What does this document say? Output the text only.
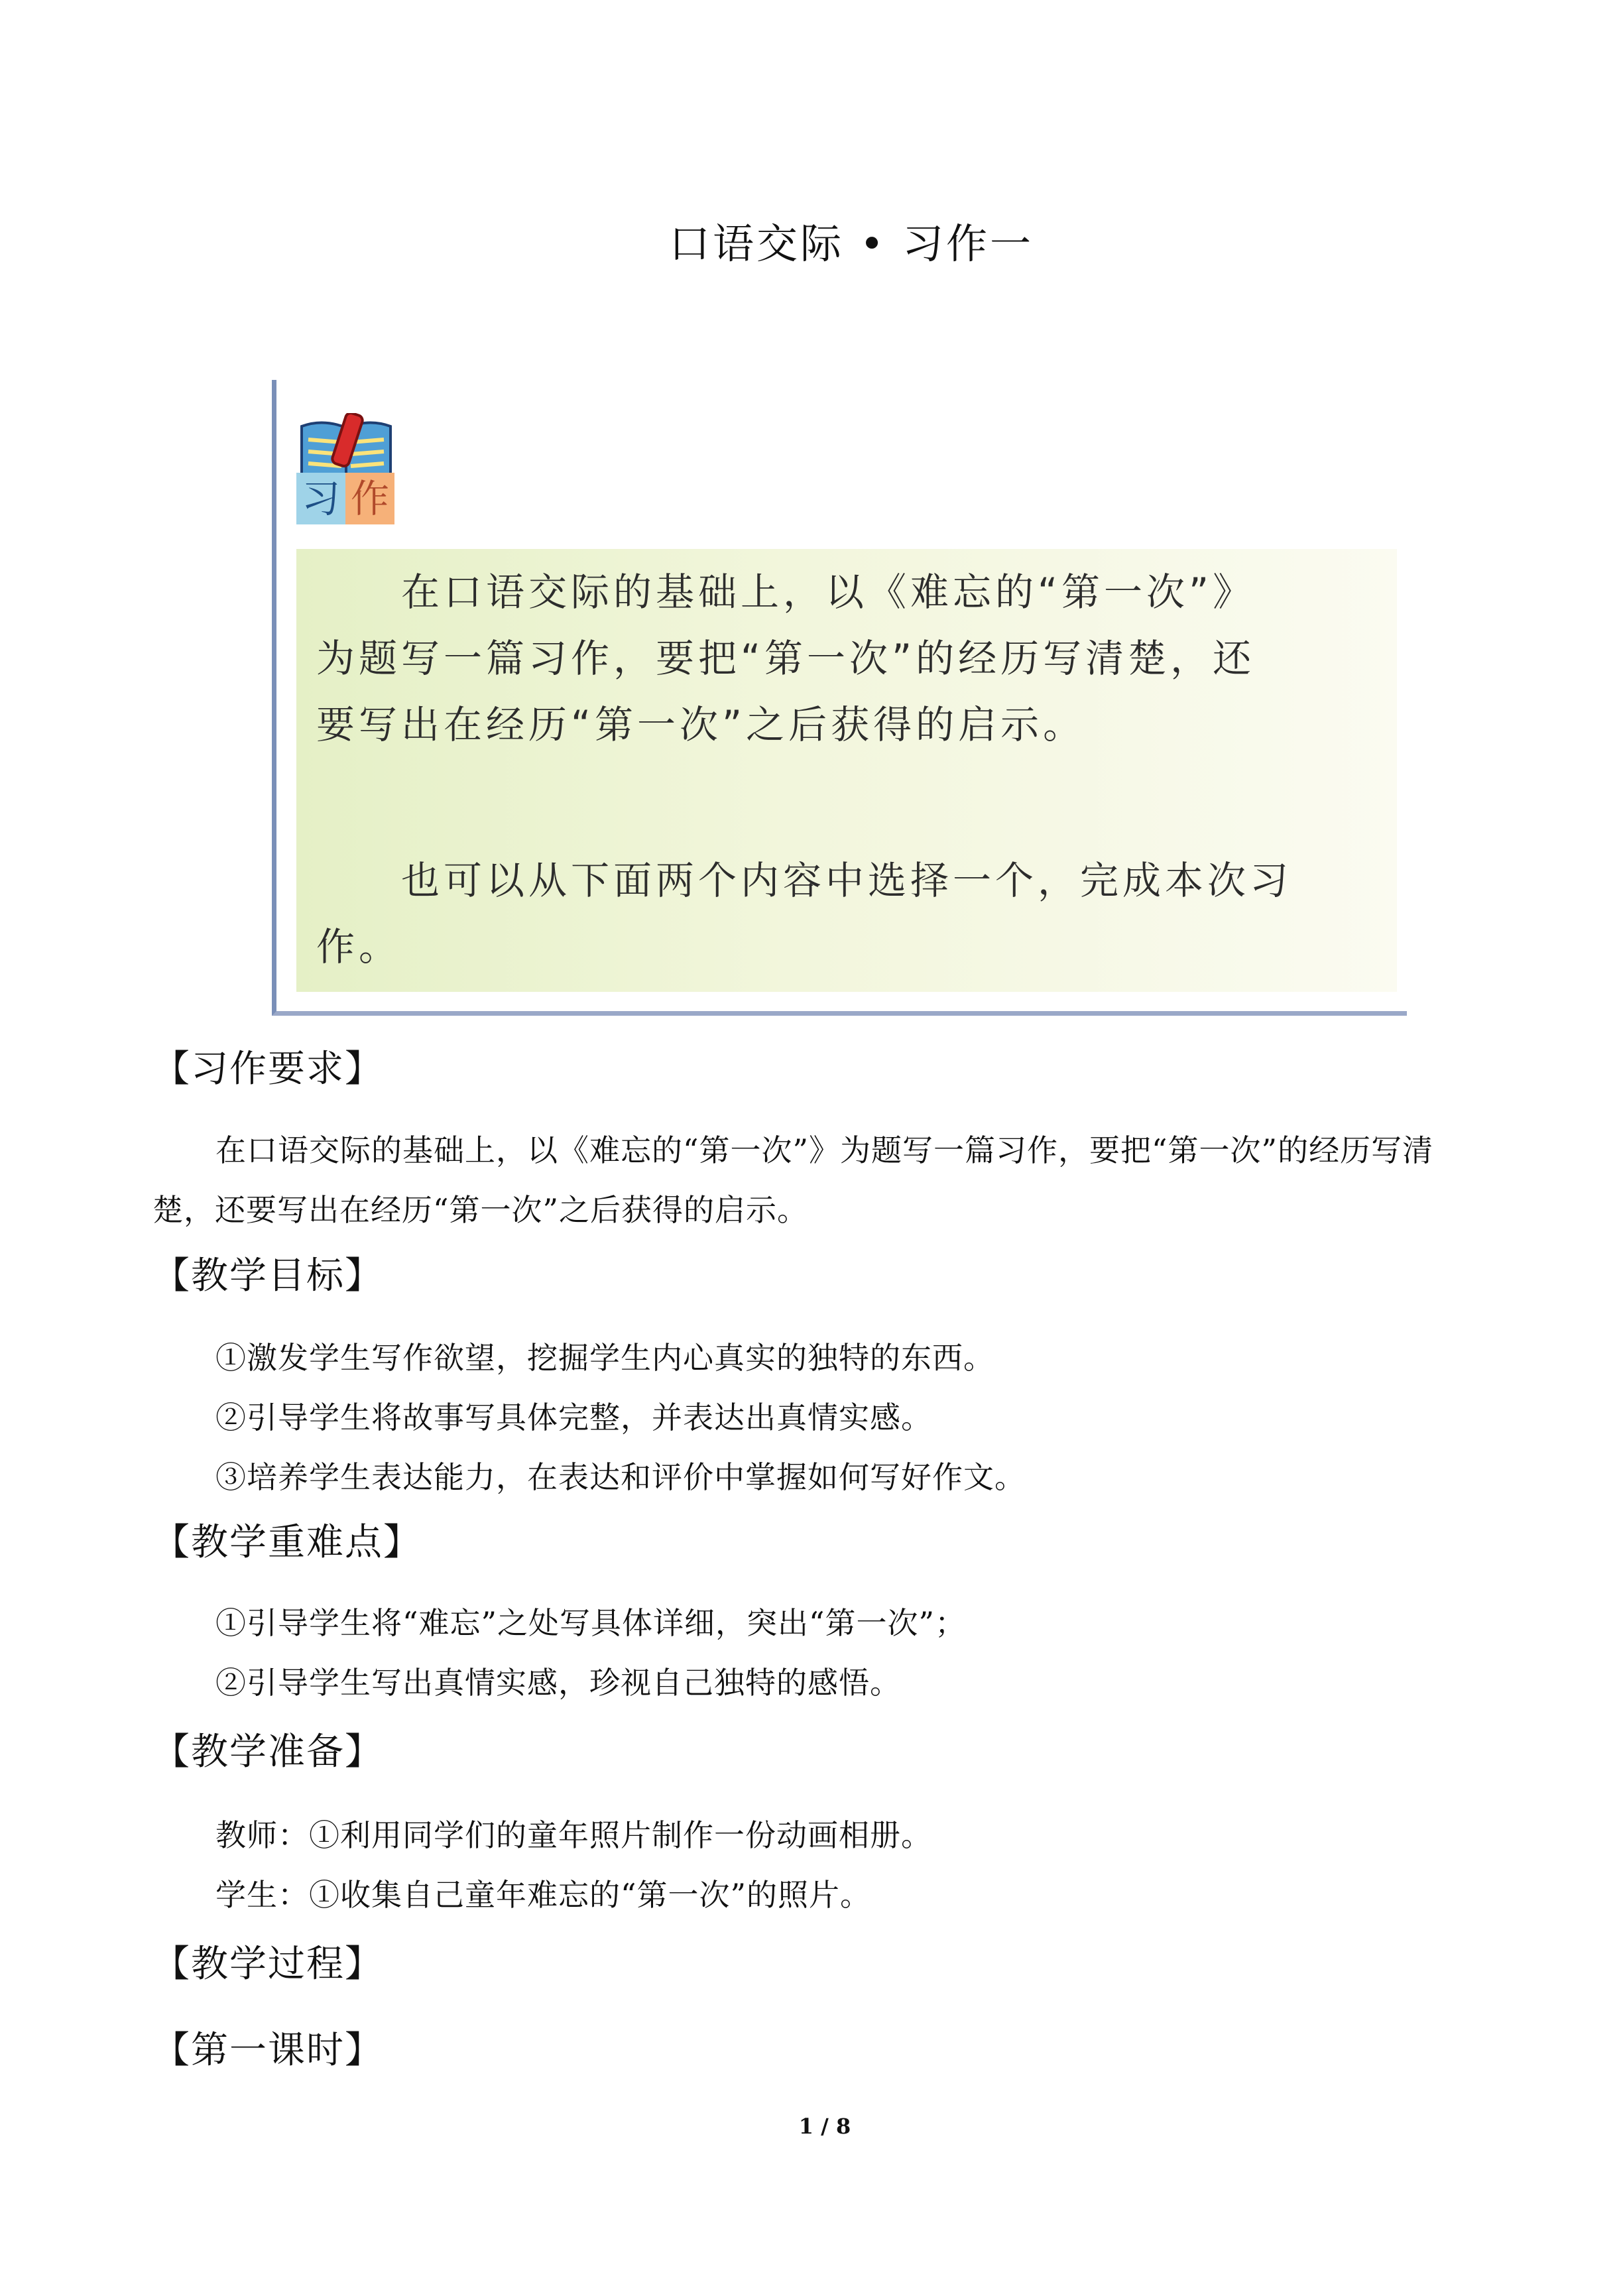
口语交际 • 习作一
习 作
在口语交际的基础上，以《难忘的“第一次”》为题写一篇习作，要把“第一次”的经历写清楚，还要写出在经历“第一次”之后获得的启示。
也可以从下面两个内容中选择一个，完成本次习作。
【习作要求】
在口语交际的基础上，以《难忘的“第一次”》为题写一篇习作，要把“第一次”的经历写清楚，还要写出在经历“第一次”之后获得的启示。
【教学目标】
①激发学生写作欲望，挖掘学生内心真实的独特的东西。
②引导学生将故事写具体完整，并表达出真情实感。
③培养学生表达能力，在表达和评价中掌握如何写好作文。
【教学重难点】
①引导学生将“难忘”之处写具体详细，突出“第一次”；
②引导学生写出真情实感，珍视自己独特的感悟。
【教学准备】
教师：①利用同学们的童年照片制作一份动画相册。
学生：①收集自己童年难忘的“第一次”的照片。
【教学过程】
【第一课时】
1 / 8
